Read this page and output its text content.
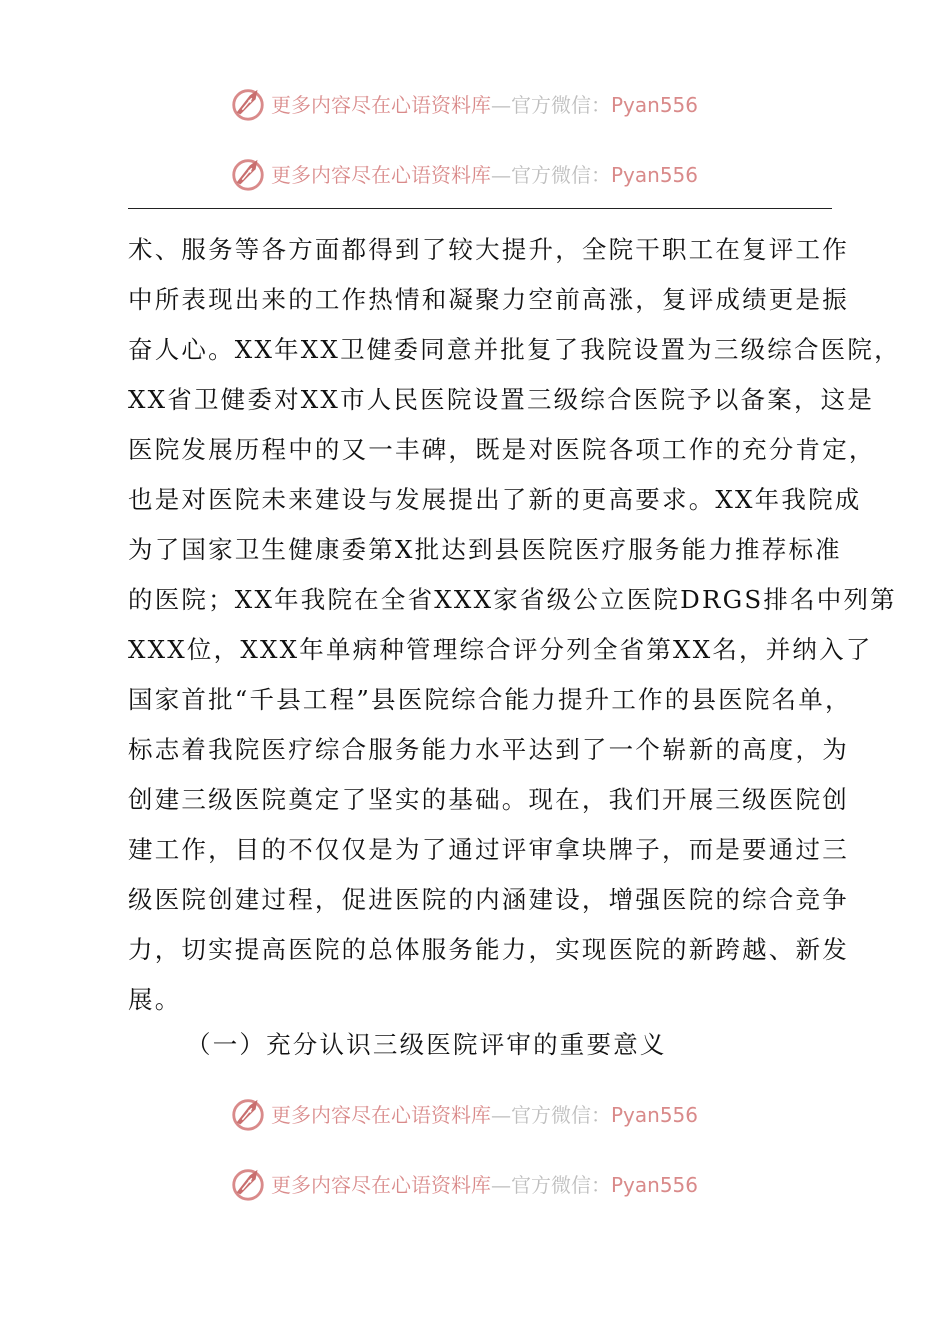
更多内容尽在心语资料库—官方微信：Pyan556
更多内容尽在心语资料库—官方微信：Pyan556
术、服务等各方面都得到了较大提升，全院干职工在复评工作
中所表现出来的工作热情和凝聚力空前高涨，复评成绩更是振
奋人心。XX年XX卫健委同意并批复了我院设置为三级综合医院，
XX省卫健委对XX市人民医院设置三级综合医院予以备案，这是
医院发展历程中的又一丰碑，既是对医院各项工作的充分肯定，
也是对医院未来建设与发展提出了新的更高要求。XX年我院成
为了国家卫生健康委第X批达到县医院医疗服务能力推荐标准
的医院；XX年我院在全省XXX家省级公立医院DRGS排名中列第
XXX位，XXX年单病种管理综合评分列全省第XX名，并纳入了
国家首批“千县工程”县医院综合能力提升工作的县医院名单，
标志着我院医疗综合服务能力水平达到了一个崭新的高度，为
创建三级医院奠定了坚实的基础。现在，我们开展三级医院创
建工作，目的不仅仅是为了通过评审拿块牌子，而是要通过三
级医院创建过程，促进医院的内涵建设，增强医院的综合竞争
力，切实提高医院的总体服务能力，实现医院的新跨越、新发
展。
（一）充分认识三级医院评审的重要意义
更多内容尽在心语资料库—官方微信：Pyan556
更多内容尽在心语资料库—官方微信：Pyan556
